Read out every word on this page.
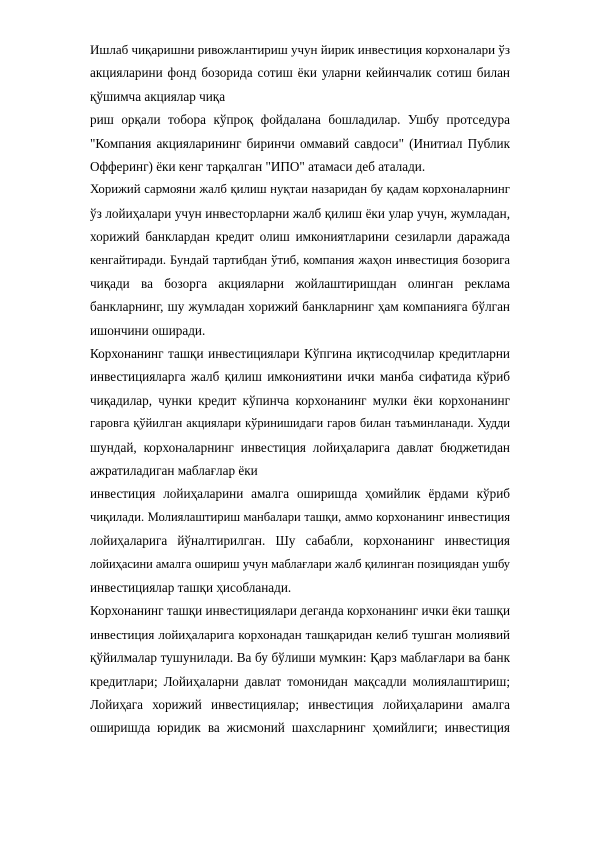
Ишлаб чиқаришни ривожлантириш учун йирик инвестиция корхоналари ўз
акцияларини фонд бозорида сотиш ёки уларни кейинчалик сотиш билан
қўшимча акциялар чиқа
риш орқали тобора кўпроқ фойдалана бошладилар. Ушбу протседура
"Компания акцияларининг биринчи оммавий савдоси" (Инитиал Публик
Офферинг) ёки кенг тарқалган "ИПО" атамаси деб аталади.
Хорижий сармояни жалб қилиш нуқтаи назаридан бу қадам корхоналарнинг
ўз лойиҳалари учун инвесторларни жалб қилиш ёки улар учун, жумладан,
хорижий банклардан кредит олиш имкониятларини сезиларли даражада
кенгайтиради. Бундай тартибдан ўтиб, компания жаҳон инвестиция бозорига
чиқади ва бозорга акцияларни жойлаштиришдан олинган реклама
банкларнинг, шу жумладан хорижий банкларнинг ҳам компанияга бўлган
ишончини оширади.
Корхонанинг ташқи инвестициялари Кўпгина иқтисодчилар кредитларни
инвестицияларга жалб қилиш имкониятини ички манба сифатида кўриб
чиқадилар, чунки кредит кўпинча корхонанинг мулки ёки корхонанинг
гаровга қўйилган акциялари кўринишидаги гаров билан таъминланади. Худди
шундай, корхоналарнинг инвестиция лойиҳаларига давлат бюджетидан
ажратиладиган маблағлар ёки
инвестиция лойиҳаларини амалга оширишда ҳомийлик ёрдами кўриб
чиқилади. Молиялаштириш манбалари ташқи, аммо корхонанинг инвестиция
лойиҳаларига йўналтирилган. Шу сабабли, корхонанинг инвестиция
лойиҳасини амалга ошириш учун маблағлари жалб қилинган позициядан ушбу
инвестициялар ташқи ҳисобланади.
Корхонанинг ташқи инвестициялари деганда корхонанинг ички ёки ташқи
инвестиция лойиҳаларига корхонадан ташқаридан келиб тушган молиявий
қўйилмалар тушунилади. Ва бу бўлиши мумкин: Қарз маблағлари ва банк
кредитлари; Лойиҳаларни давлат томонидан мақсадли молиялаштириш;
Лойиҳага хорижий инвестициялар; инвестиция лойиҳаларини амалга
оширишда юридик ва жисмоний шахсларнинг ҳомийлиги; инвестиция
